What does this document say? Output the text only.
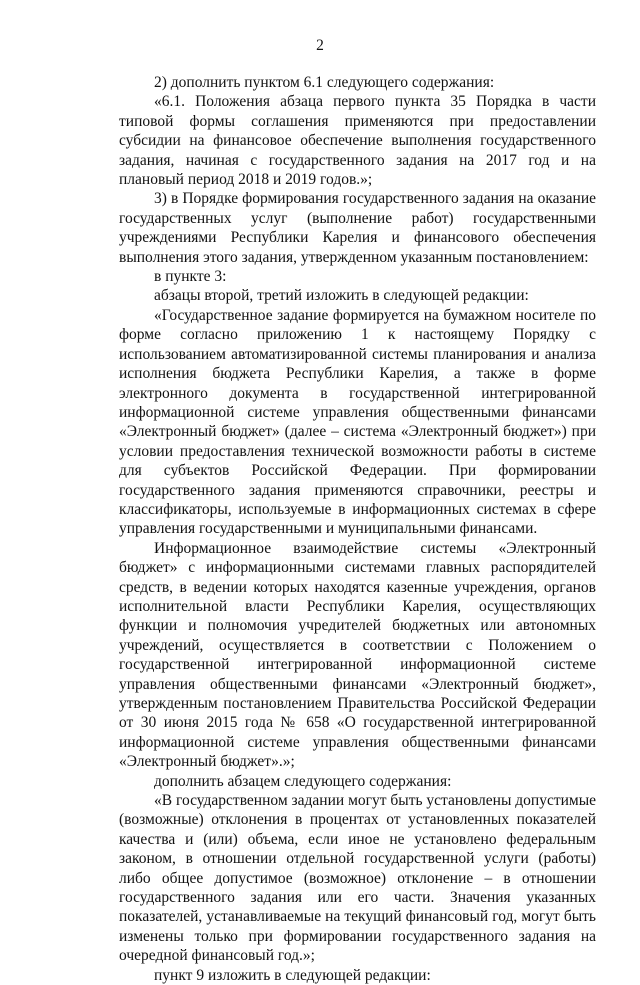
2

2) дополнить пунктом 6.1 следующего содержания:

«6.1. Положения абзаца первого пункта 35 Порядка в части типовой формы соглашения применяются при предоставлении субсидии на финансовое обеспечение выполнения государственного задания, начиная с государственного задания на 2017 год и на плановый период 2018 и 2019 годов.»;

3) в Порядке формирования государственного задания на оказание государственных услуг (выполнение работ) государственными учреждениями Республики Карелия и финансового обеспечения выполнения этого задания, утвержденном указанным постановлением:

в пункте 3:

абзацы второй, третий изложить в следующей редакции:

«Государственное задание формируется на бумажном носителе по форме согласно приложению 1 к настоящему Порядку с использованием автоматизированной системы планирования и анализа исполнения бюджета Республики Карелия, а также в форме электронного документа в государственной интегрированной информационной системе управления общественными финансами «Электронный бюджет» (далее – система «Электронный бюджет») при условии предоставления технической возможности работы в системе для субъектов Российской Федерации. При формировании государственного задания применяются справочники, реестры и классификаторы, используемые в информационных системах в сфере управления государственными и муниципальными финансами.

Информационное взаимодействие системы «Электронный бюджет» с информационными системами главных распорядителей средств, в ведении которых находятся казенные учреждения, органов исполнительной власти Республики Карелия, осуществляющих функции и полномочия учредителей бюджетных или автономных учреждений, осуществляется в соответствии с Положением о государственной интегрированной информационной системе управления общественными финансами «Электронный бюджет», утвержденным постановлением Правительства Российской Федерации от 30 июня 2015 года № 658 «О государственной интегрированной информационной системе управления общественными финансами «Электронный бюджет».»;

дополнить абзацем следующего содержания:

«В государственном задании могут быть установлены допустимые (возможные) отклонения в процентах от установленных показателей качества и (или) объема, если иное не установлено федеральным законом, в отношении отдельной государственной услуги (работы) либо общее допустимое (возможное) отклонение – в отношении государственного задания или его части. Значения указанных показателей, устанавливаемые на текущий финансовый год, могут быть изменены только при формировании государственного задания на очередной финансовый год.»;

пункт 9 изложить в следующей редакции:
